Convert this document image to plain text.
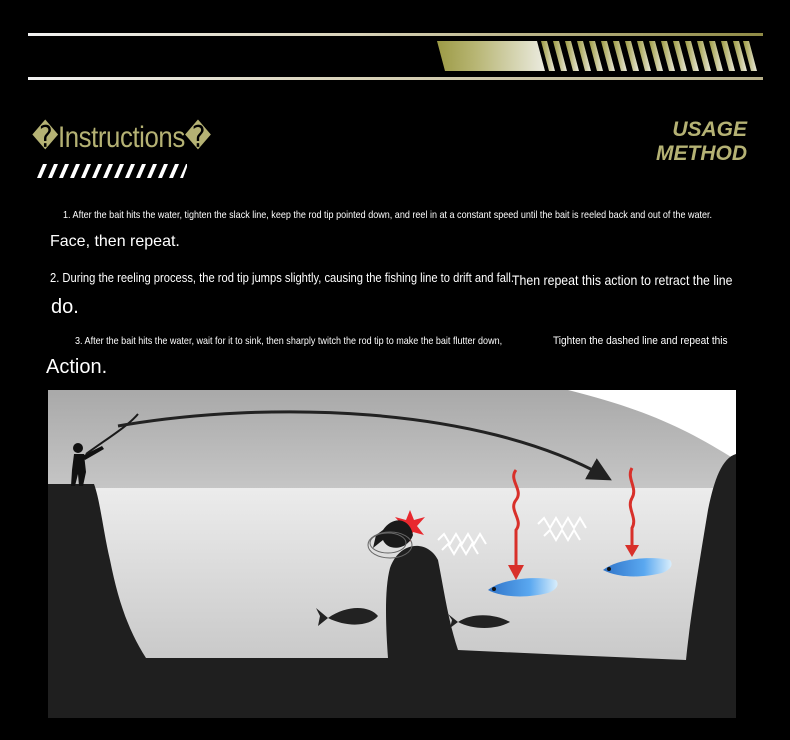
�Instructions�	USAGE
METHOD

1. After the bait hits the water, tighten the slack line, keep the rod tip pointed down, and reel in at a constant speed until the bait is reeled back and out of the water.

Face, then repeat.

2. During the reeling process, the rod tip jumps slightly, causing the fishing line to drift and fall.

Then repeat this action to retract the line

do.

3. After the bait hits the water, wait for it to sink, then sharply twitch the rod tip to make the bait flutter down,	Tighten the dashed line and repeat this

Action.
